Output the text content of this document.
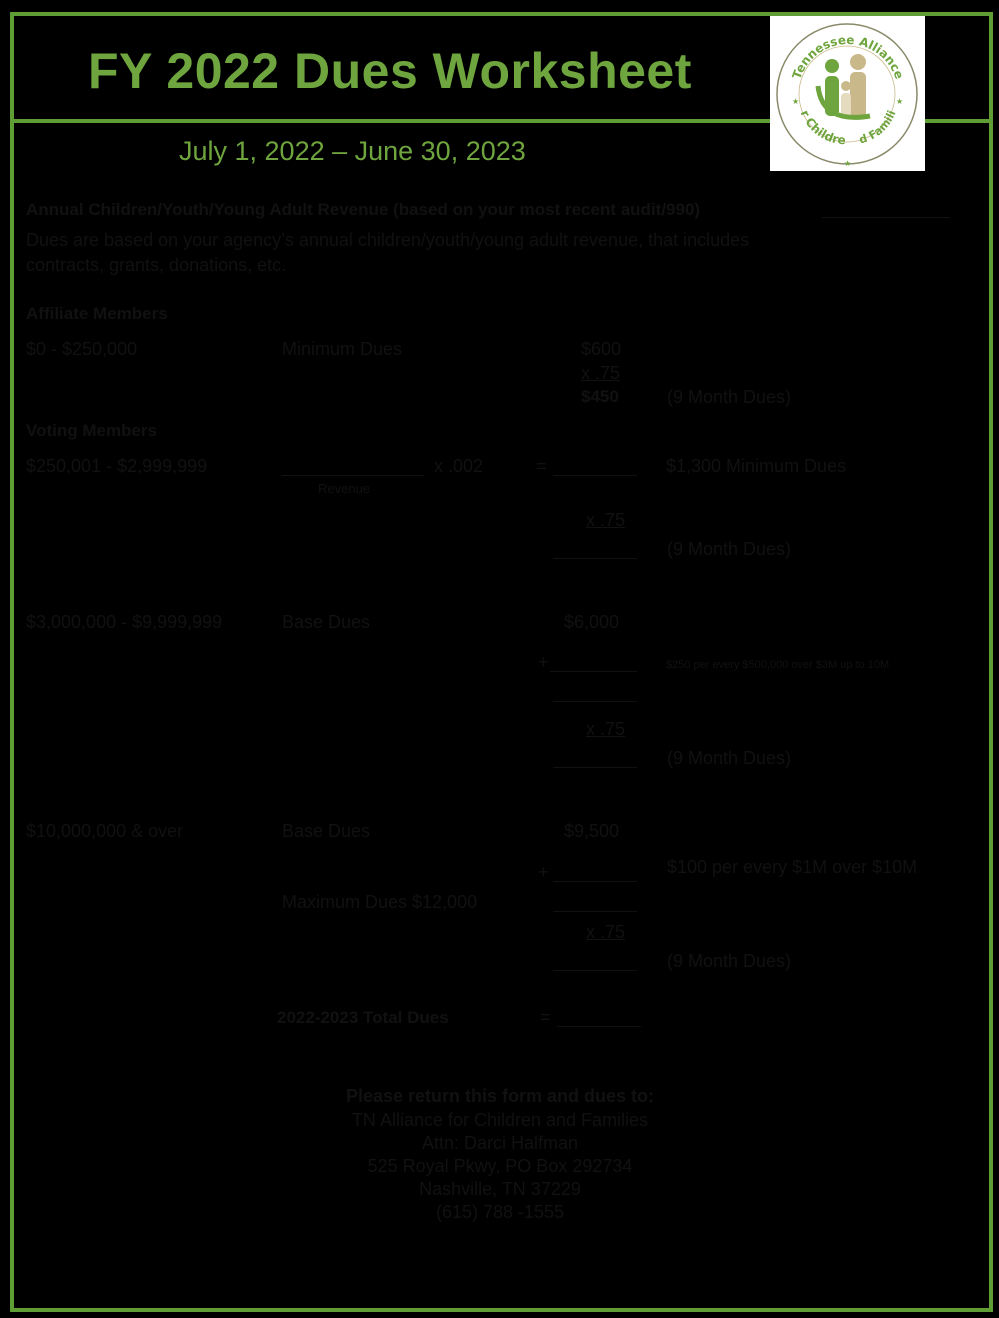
FY 2022 Dues Worksheet
July 1, 2022 – June 30, 2023
Tennessee Alliance
r Childre	d Famili
★	★
★
Annual Children/Youth/Young Adult Revenue (based on your most recent audit/990)
Dues are based on your agency’s annual children/youth/young adult revenue, that includes
contracts, grants, donations, etc.
Affiliate Members
$0 - $250,000	Minimum Dues	$600
x .75
$450	(9 Month Dues)
Voting Members
$250,001 - $2,999,999	x .002	=	$1,300 Minimum Dues
Revenue
x .75
(9 Month Dues)
$3,000,000 - $9,999,999	Base Dues	$6,000
+	$250 per every $500,000 over $3M up to 10M
x .75
(9 Month Dues)
$10,000,000 & over	Base Dues	$9,500
+	$100 per every $1M over $10M
Maximum Dues $12,000
x .75
(9 Month Dues)
2022-2023 Total Dues	=
Please return this form and dues to:
TN Alliance for Children and Families
Attn: Darci Halfman
525 Royal Pkwy, PO Box 292734
Nashville, TN 37229
(615) 788 -1555
